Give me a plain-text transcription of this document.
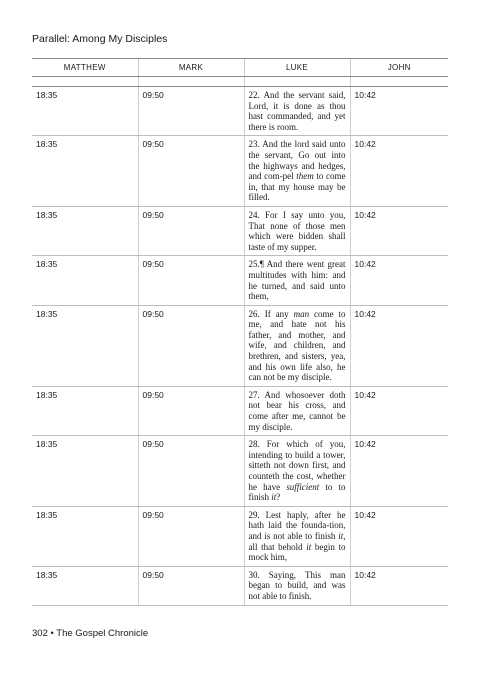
Parallel: Among My Disciples
MATTHEW	MARK	LUKE	JOHN

18:35	09:50	22. And the servant said, Lord, it is done as thou hast commanded, and yet there is room.	10:42
18:35	09:50	23. And the lord said unto the servant, Go out into the highways and hedges, and com-pel them to come in, that my house may be filled.	10:42
18:35	09:50	24. For I say unto you, That none of those men which were bidden shall taste of my supper.	10:42
18:35	09:50	25.¶ And there went great multitudes with him: and he turned, and said unto them,	10:42
18:35	09:50	26. If any man come to me, and hate not his father, and mother, and wife, and children, and brethren, and sisters, yea, and his own life also, he can not be my disciple.	10:42
18:35	09:50	27. And whosoever doth not bear his cross, and come after me, cannot be my disciple.	10:42
18:35	09:50	28. For which of you, intending to build a tower, sitteth not down first, and counteth the cost, whether he have sufficient to to finish it?	10:42
18:35	09:50	29. Lest haply, after he hath laid the founda-tion, and is not able to finish it, all that behold it begin to mock him,	10:42
18:35	09:50	30. Saying, This man began to build, and was not able to finish.	10:42
302 • The Gospel Chronicle
